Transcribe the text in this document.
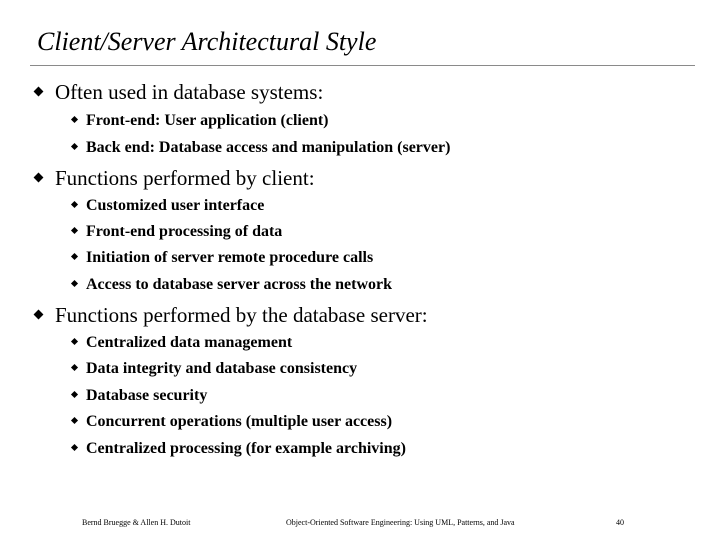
Client/Server Architectural Style
Often used in database systems:
Front-end: User application (client)
Back end: Database access and manipulation (server)
Functions performed by client:
Customized user interface
Front-end processing of data
Initiation of server remote procedure calls
Access to database server across the network
Functions performed by the database server:
Centralized data management
Data integrity and database consistency
Database security
Concurrent operations (multiple user access)
Centralized processing (for example archiving)
Bernd Bruegge & Allen H. Dutoit	Object-Oriented Software Engineering: Using UML, Patterns, and Java	40
